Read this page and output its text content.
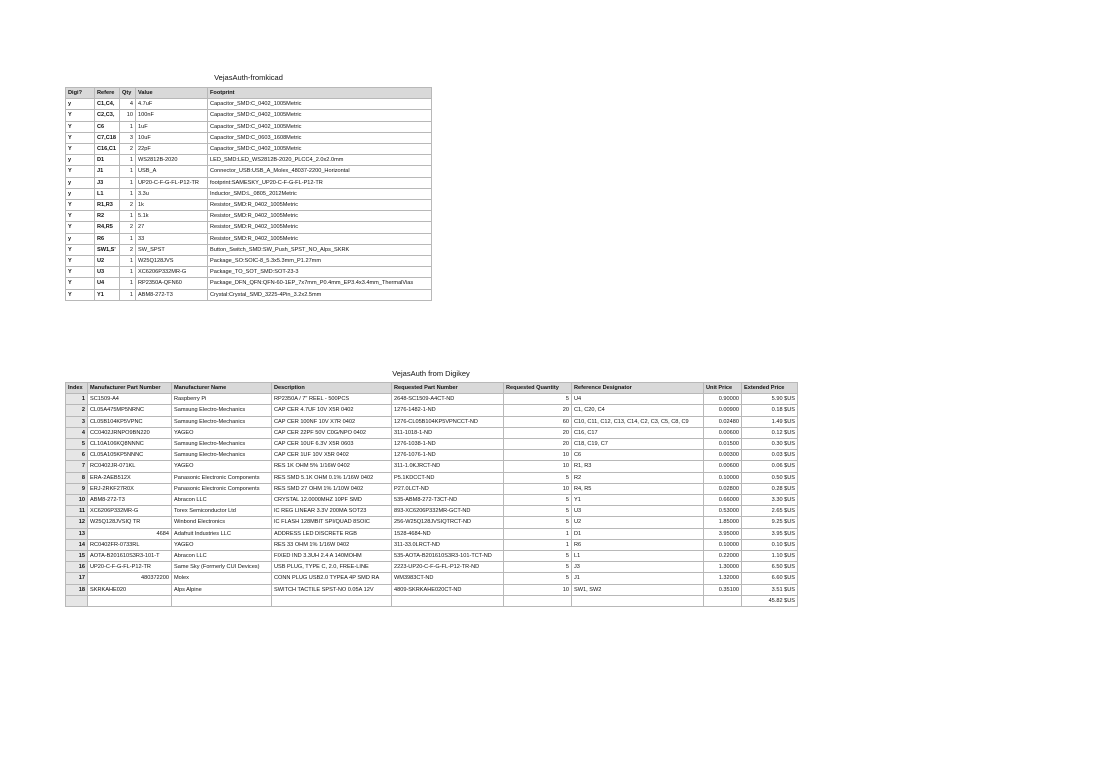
VejasAuth-fromkicad
Digi?	Refere	Qty	Value	Footprint
y	C1,C4,	4	4.7uF	Capacitor_SMD:C_0402_1005Metric
Y	C2,C3,	10	100nF	Capacitor_SMD:C_0402_1005Metric
Y	C6	1	1uF	Capacitor_SMD:C_0402_1005Metric
Y	C7,C18	3	10uF	Capacitor_SMD:C_0603_1608Metric
Y	C16,C1	2	22pF	Capacitor_SMD:C_0402_1005Metric
y	D1	1	WS2812B-2020	LED_SMD:LED_WS2812B-2020_PLCC4_2.0x2.0mm
Y	J1	1	USB_A	Connector_USB:USB_A_Molex_48037-2200_Horizontal
y	J3	1	UP20-C-F-G-FL-P12-TR	footprint:SAMESKY_UP20-C-F-G-FL-P12-TR
y	L1	1	3.3u	Inductor_SMD:L_0805_2012Metric
Y	R1,R3	2	1k	Resistor_SMD:R_0402_1005Metric
Y	R2	1	5.1k	Resistor_SMD:R_0402_1005Metric
Y	R4,R5	2	27	Resistor_SMD:R_0402_1005Metric
y	R6	1	33	Resistor_SMD:R_0402_1005Metric
Y	SW1,S'	2	SW_SPST	Button_Switch_SMD:SW_Push_SPST_NO_Alps_SKRK
Y	U2	1	W25Q128JVS	Package_SO:SOIC-8_5.3x5.3mm_P1.27mm
Y	U3	1	XC6206P332MR-G	Package_TO_SOT_SMD:SOT-23-3
Y	U4	1	RP2350A-QFN60	Package_DFN_QFN:QFN-60-1EP_7x7mm_P0.4mm_EP3.4x3.4mm_ThermalVias
Y	Y1	1	ABM8-272-T3	Crystal:Crystal_SMD_3225-4Pin_3.2x2.5mm
VejasAuth from Digikey
Index	Manufacturer Part Number	Manufacturer Name	Description	Requested Part Number	Requested Quantity	Reference Designator	Unit Price	Extended Price
1	SC1509-A4	Raspberry Pi	RP2350A / 7" REEL - 500PCS	2648-SC1509-A4CT-ND	5	U4	0.90000	5.90 $US
2	CL05A475MP5NRNC	Samsung Electro-Mechanics	CAP CER 4.7UF 10V X5R 0402	1276-1482-1-ND	20	C1, C20, C4	0.00900	0.18 $US
3	CL05B104KP5VPNC	Samsung Electro-Mechanics	CAP CER 100NF 10V X7R 0402	1276-CL05B104KP5VPNCCT-ND	60	C10, C11, C12, C13, C14, C2, C3, C5, C8, C9	0.02480	1.49 $US
4	CC0402JRNPO9BN220	YAGEO	CAP CER 22PF 50V C0G/NPO 0402	311-1018-1-ND	20	C16, C17	0.00600	0.12 $US
5	CL10A106KQ8NNNC	Samsung Electro-Mechanics	CAP CER 10UF 6.3V X5R 0603	1276-1038-1-ND	20	C18, C19, C7	0.01500	0.30 $US
6	CL05A105KP5NNNC	Samsung Electro-Mechanics	CAP CER 1UF 10V X5R 0402	1276-1076-1-ND	10	C6	0.00300	0.03 $US
7	RC0402JR-071KL	YAGEO	RES 1K OHM 5% 1/16W 0402	311-1.0KJRCT-ND	10	R1, R3	0.00600	0.06 $US
8	ERA-2AEB512X	Panasonic Electronic Components	RES SMD 5.1K OHM 0.1% 1/16W 0402	P5.1KDCCT-ND	5	R2	0.10000	0.50 $US
9	ERJ-2RKF27R0X	Panasonic Electronic Components	RES SMD 27 OHM 1% 1/10W 0402	P27.0LCT-ND	10	R4, R5	0.02800	0.28 $US
10	ABM8-272-T3	Abracon LLC	CRYSTAL 12.0000MHZ 10PF SMD	535-ABM8-272-T3CT-ND	5	Y1	0.66000	3.30 $US
11	XC6206P332MR-G	Torex Semiconductor Ltd	IC REG LINEAR 3.3V 200MA SOT23	893-XC6206P332MR-GCT-ND	5	U3	0.53000	2.65 $US
12	W25Q128JVSIQ TR	Winbond Electronics	IC FLASH 128MBIT SPI/QUAD 8SOIC	256-W25Q128JVSIQTRCT-ND	5	U2	1.85000	9.25 $US
13	4684	Adafruit Industries LLC	ADDRESS LED DISCRETE RGB	1528-4684-ND	1	D1	3.95000	3.95 $US
14	RC0402FR-0733RL	YAGEO	RES 33 OHM 1% 1/16W 0402	311-33.0LRCT-ND	1	R6	0.10000	0.10 $US
15	AOTA-B201610S3R3-101-T	Abracon LLC	FIXED IND 3.3UH 2.4 A 140MOHM	535-AOTA-B201610S3R3-101-TCT-ND	5	L1	0.22000	1.10 $US
16	UP20-C-F-G-FL-P12-TR	Same Sky (Formerly CUI Devices)	USB PLUG, TYPE C, 2.0, FREE-LINE	2223-UP20-C-F-G-FL-P12-TR-ND	5	J3	1.30000	6.50 $US
17	480372200	Molex	CONN PLUG USB2.0 TYPEA 4P SMD RA	WM3983CT-ND	5	J1	1.32000	6.60 $US
18	SKRKAHE020	Alps Alpine	SWITCH TACTILE SPST-NO 0.05A 12V	4809-SKRKAHE020CT-ND	10	SW1, SW2	0.35100	3.51 $US
								45.82 $US
